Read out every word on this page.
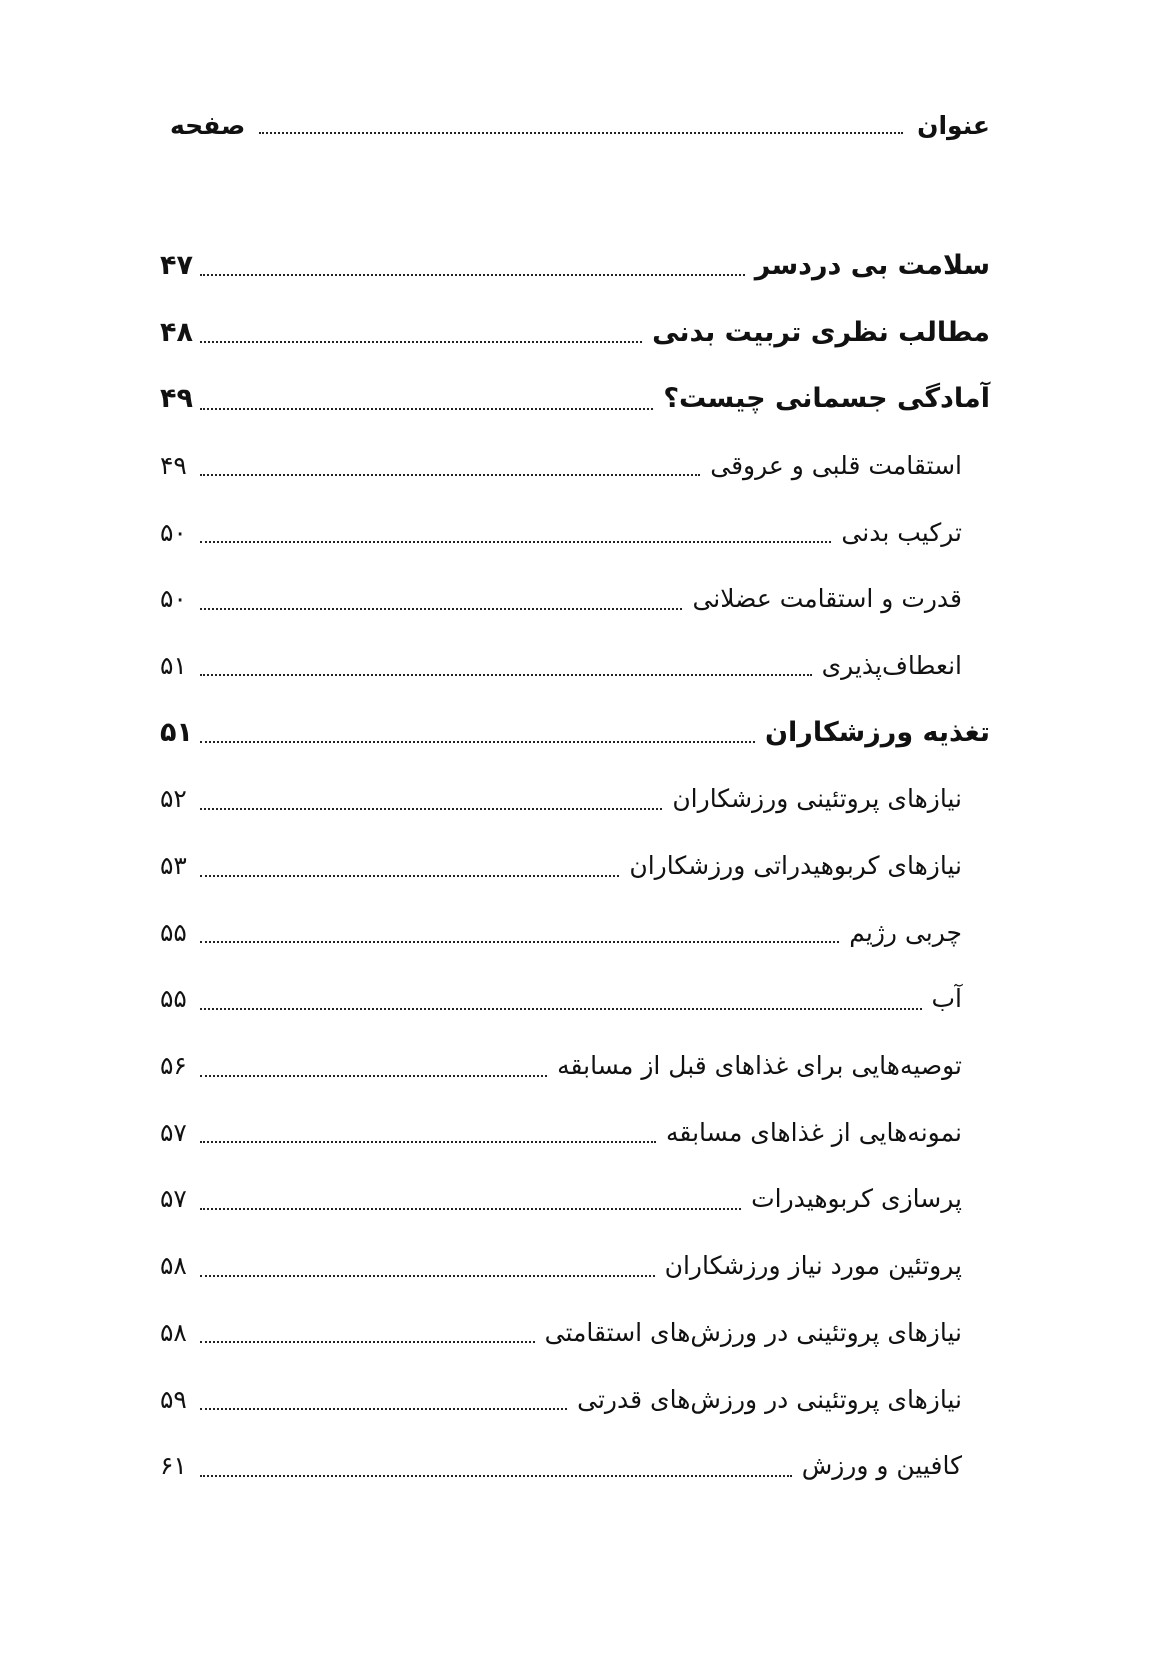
عنوان
صفحه
سلامت بی دردسر
۴۷
مطالب نظری تربیت بدنی
۴۸
آمادگی جسمانی چیست؟
۴۹
استقامت قلبی و عروقی
۴۹
ترکیب بدنی
۵۰
قدرت و استقامت عضلانی
۵۰
انعطاف‌پذیری
۵۱
تغذیه ورزشکاران
۵۱
نیازهای پروتئینی ورزشکاران
۵۲
نیازهای کربوهیدراتی ورزشکاران
۵۳
چربی رژیم
۵۵
آب
۵۵
توصیه‌هایی برای غذاهای قبل از مسابقه
۵۶
نمونه‌هایی از غذاهای مسابقه
۵۷
پرسازی کربوهیدرات
۵۷
پروتئین مورد نیاز ورزشکاران
۵۸
نیازهای پروتئینی در ورزش‌های استقامتی
۵۸
نیازهای پروتئینی در ورزش‌های قدرتی
۵۹
کافیین و ورزش
۶۱
